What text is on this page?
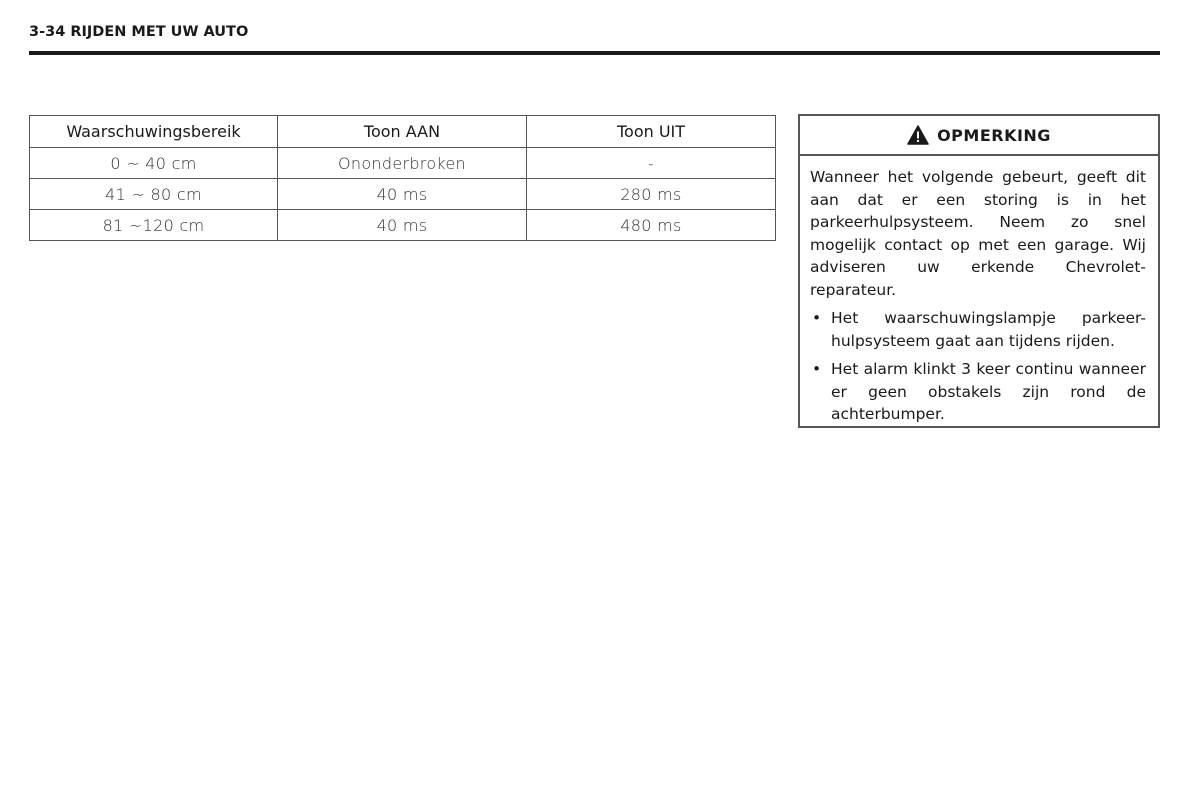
3-34 RIJDEN MET UW AUTO
Waarschuwingsbereik	Toon AAN	Toon UIT
0 ~ 40 cm	Ononderbroken	-
41 ~ 80 cm	40 ms	280 ms
81 ~120 cm	40 ms	480 ms
OPMERKING

Wanneer het volgende gebeurt, geeft dit aan dat er een storing is in het parkeerhulpsysteem. Neem zo snel mogelijk contact op met een garage. Wij adviseren uw erkende Chevrolet-reparateur.

• Het waarschuwingslampje parkeer-hulpsysteem gaat aan tijdens rijden.
• Het alarm klinkt 3 keer continu wanneer er geen obstakels zijn rond de achterbumper.
